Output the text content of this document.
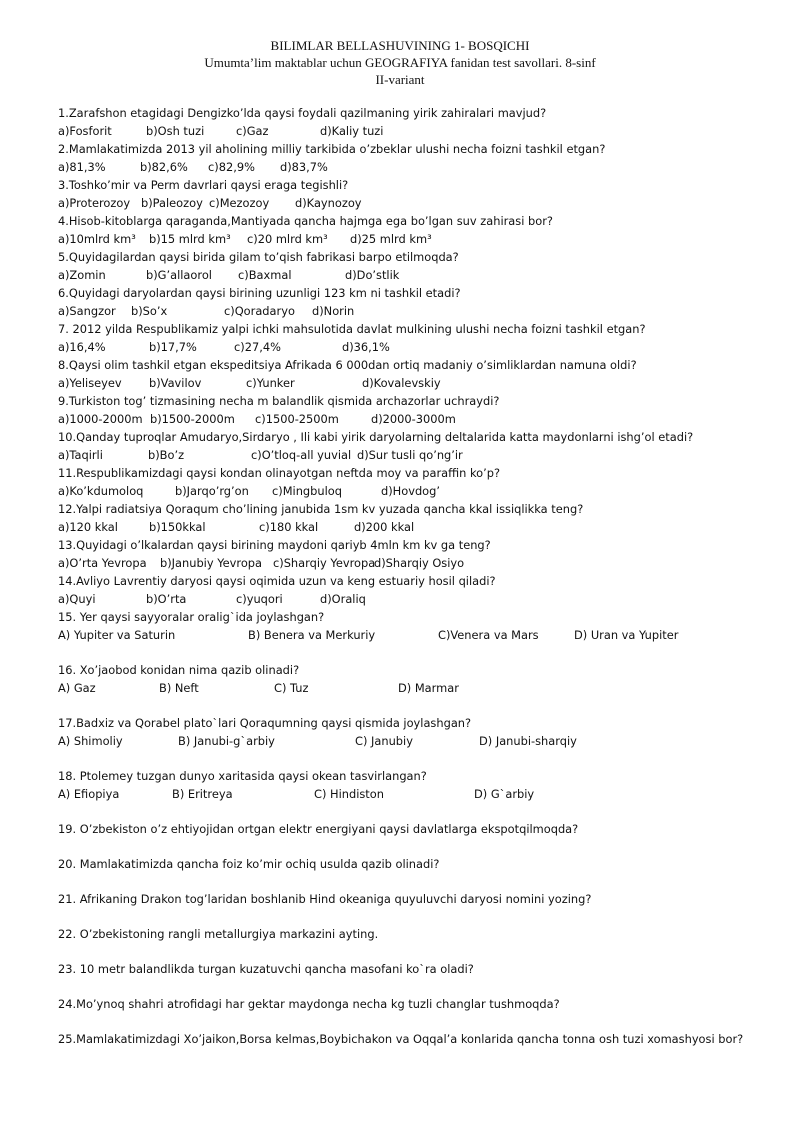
BILIMLAR BELLASHUVINING 1- BOSQICHI
Umumta’lim maktablar uchun GEOGRAFIYA fanidan test savollari. 8-sinf
II-variant
1.Zarafshon etagidagi Dengizko’lda qaysi foydali qazilmaning yirik zahiralari mavjud?
a)Fosforit	b)Osh tuzi	c)Gaz	d)Kaliy tuzi
2.Mamlakatimizda 2013 yil aholining milliy tarkibida o’zbeklar ulushi necha foizni tashkil etgan?
a)81,3%	b)82,6% c)82,9% d)83,7%
3.Toshko’mir va Perm davrlari qaysi eraga tegishli?
a)Proterozoy b)Paleozoy c)Mezozoy d)Kaynozoy
4.Hisob-kitoblarga qaraganda,Mantiyada qancha hajmga ega bo’lgan suv zahirasi bor?
a)10mlrd km³ b)15 mlrd km³ c)20 mlrd km³ d)25 mlrd km³
5.Quyidagilardan qaysi birida gilam to’qish fabrikasi barpo etilmoqda?
a)Zomin	b)G’allaorol c)Baxmal	d)Do’stlik
6.Quyidagi daryolardan qaysi birining uzunligi 123 km ni tashkil etadi?
a)Sangzor b)So’x	c)Qoradaryo d)Norin
7. 2012 yilda Respublikamiz yalpi ichki mahsulotida davlat mulkining ulushi necha foizni tashkil etgan?
a)16,4%	b)17,7%	c)27,4%	d)36,1%
8.Qaysi olim tashkil etgan ekspeditsiya Afrikada 6 000dan ortiq madaniy o’simliklardan namuna oldi?
a)Yeliseyev b)Vavilov	c)Yunker	d)Kovalevskiy
9.Turkiston tog’ tizmasining necha m balandlik qismida archazorlar uchraydi?
a)1000-2000m b)1500-2000m c)1500-2500m	d)2000-3000m
10.Qanday tuproqlar Amudaryo,Sirdaryo , Ili kabi yirik daryolarning deltalarida katta maydonlarni ishg’ol etadi?
a)Taqirli	b)Bo’z	c)O’tloq-all yuvial d)Sur tusli qo’ng’ir
11.Respublikamizdagi qaysi kondan olinayotgan neftda moy va paraffin ko’p?
a)Ko’kdumoloq	b)Jarqo’rg’on c)Mingbuloq	d)Hovdog’
12.Yalpi radiatsiya Qoraqum cho’lining janubida 1sm kv yuzada qancha kkal issiqlikka teng?
a)120 kkal	b)150kkal	c)180 kkal	d)200 kkal
13.Quyidagi o’lkalardan qaysi birining maydoni qariyb 4mln km kv ga teng?
a)O’rta Yevropa b)Janubiy Yevropa c)Sharqiy Yevropa
d)Sharqiy Osiyo
14.Avliyo Lavrentiy daryosi qaysi oqimida uzun va keng estuariy hosil qiladi?
a)Quyi	b)O’rta	c)yuqori	d)Oraliq
15. Yer qaysi sayyoralar oralig`ida joylashgan?
A) Yupiter va Saturin	B) Benera va Merkuriy	C)Venera va Mars	D) Uran va Yupiter
16. Xo’jaobod konidan nima qazib olinadi?
A) Gaz	B) Neft	C) Tuz	D) Marmar
17.Badxiz va Qorabel plato`lari Qoraqumning qaysi qismida joylashgan?
A) Shimoliy	B) Janubi-g`arbiy	C) Janubiy	D) Janubi-sharqiy
18. Ptolemey tuzgan dunyo xaritasida qaysi okean tasvirlangan?
A) Efiopiya	B) Eritreya	C) Hindiston	D) G`arbiy
19. O’zbekiston o’z ehtiyojidan ortgan elektr energiyani qaysi davlatlarga ekspotqilmoqda?
20. Mamlakatimizda qancha foiz ko’mir ochiq usulda qazib olinadi?
21. Afrikaning Drakon tog’laridan boshlanib Hind okeaniga quyuluvchi daryosi nomini yozing?
22. O’zbekistoning rangli metallurgiya markazini ayting.
23. 10 metr balandlikda turgan kuzatuvchi qancha masofani ko`ra oladi?
24.Mo’ynoq shahri atrofidagi har gektar maydonga necha kg tuzli changlar tushmoqda?
25.Mamlakatimizdagi Xo’jaikon,Borsa kelmas,Boybichakon va Oqqal’a konlarida qancha tonna osh tuzi xomashyosi bor?
